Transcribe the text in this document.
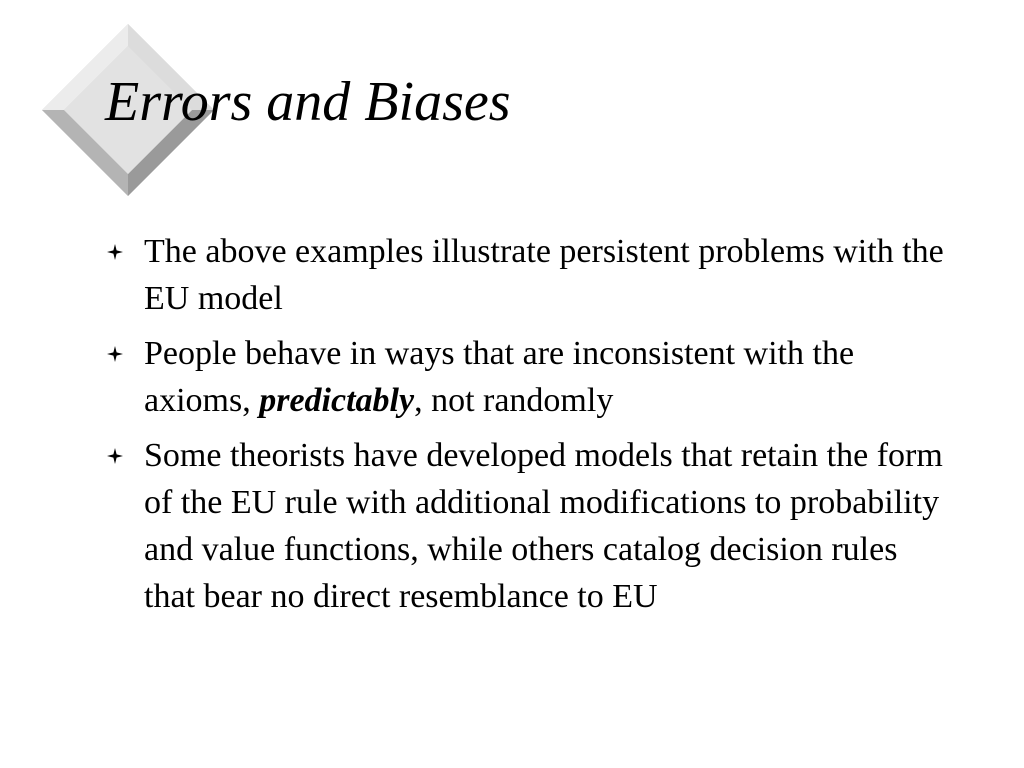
Errors and Biases
The above examples illustrate persistent problems with the EU model
People behave in ways that are inconsistent with the axioms, predictably, not randomly
Some theorists have developed models that retain the form of the EU rule with additional modifications to probability and value functions, while others catalog decision rules that bear no direct resemblance to EU
